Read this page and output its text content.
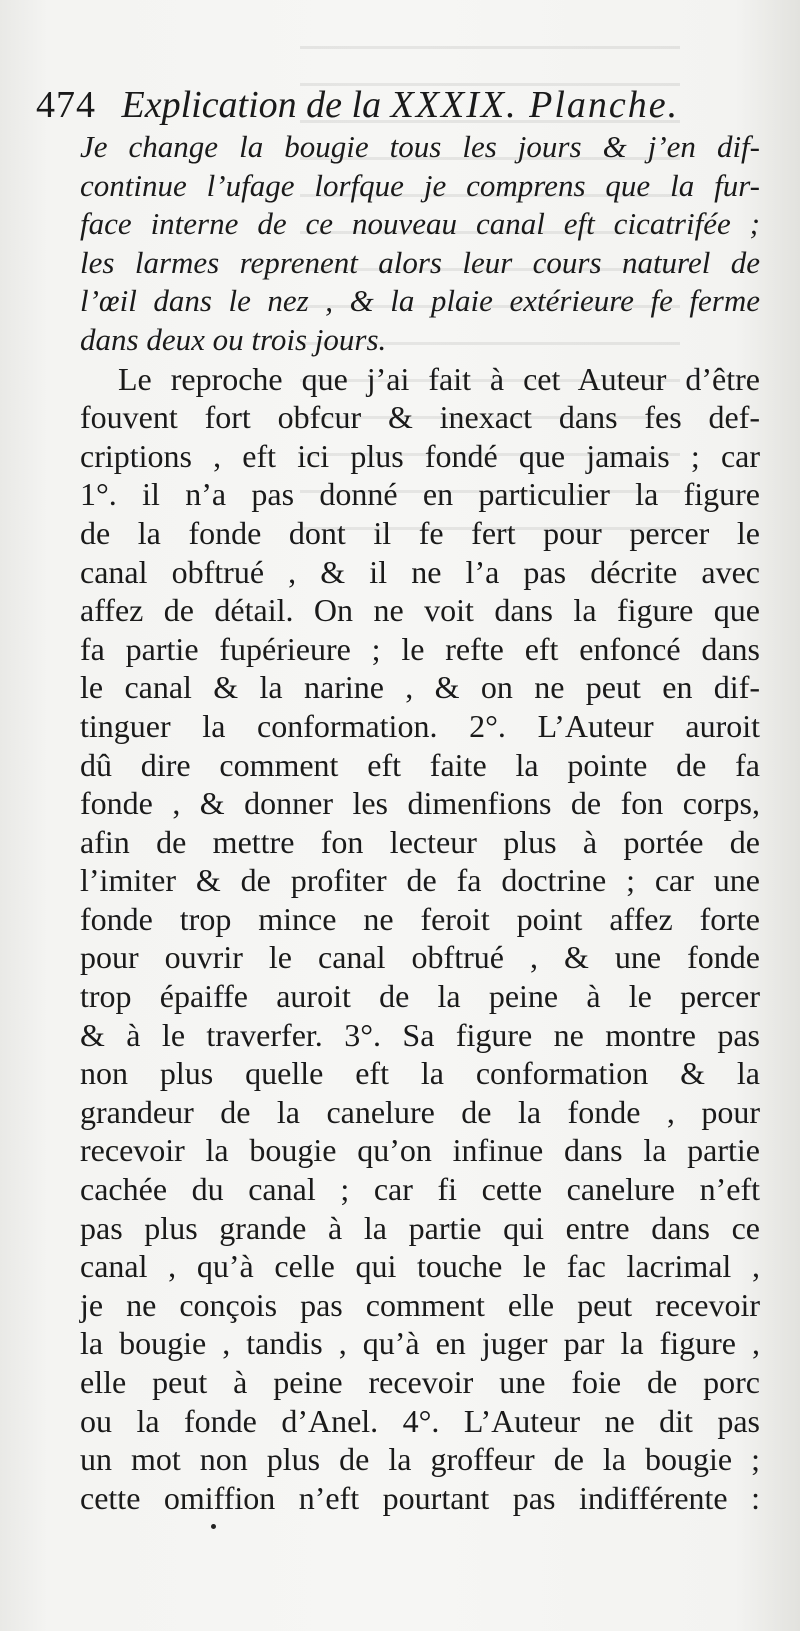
474 Explication de la XXXIX. Planche.
Je change la bougie tous les jours & j’en dif-
continue l’ufage lorfque je comprens que la fur-
face interne de ce nouveau canal eft cicatrifée ;
les larmes reprenent alors leur cours naturel de
l’œil dans le nez , & la plaie extérieure fe ferme
dans deux ou trois jours.
Le reproche que j’ai fait à cet Auteur d’être
fouvent fort obfcur & inexact dans fes def-
criptions , eft ici plus fondé que jamais ; car
1°. il n’a pas donné en particulier la figure
de la fonde dont il fe fert pour percer le
canal obftrué , & il ne l’a pas décrite avec
affez de détail. On ne voit dans la figure que
fa partie fupérieure ; le refte eft enfoncé dans
le canal & la narine , & on ne peut en dif-
tinguer la conformation. 2°. L’Auteur auroit
dû dire comment eft faite la pointe de fa
fonde , & donner les dimenfions de fon corps,
afin de mettre fon lecteur plus à portée de
l’imiter & de profiter de fa doctrine ; car une
fonde trop mince ne feroit point affez forte
pour ouvrir le canal obftrué , & une fonde
trop épaiffe auroit de la peine à le percer
& à le traverfer. 3°. Sa figure ne montre pas
non plus quelle eft la conformation & la
grandeur de la canelure de la fonde , pour
recevoir la bougie qu’on infinue dans la partie
cachée du canal ; car fi cette canelure n’eft
pas plus grande à la partie qui entre dans ce
canal , qu’à celle qui touche le fac lacrimal ,
je ne conçois pas comment elle peut recevoir
la bougie , tandis , qu’à en juger par la figure ,
elle peut à peine recevoir une foie de porc
ou la fonde d’Anel. 4°. L’Auteur ne dit pas
un mot non plus de la groffeur de la bougie ;
cette omiffion n’eft pourtant pas indifférente :
